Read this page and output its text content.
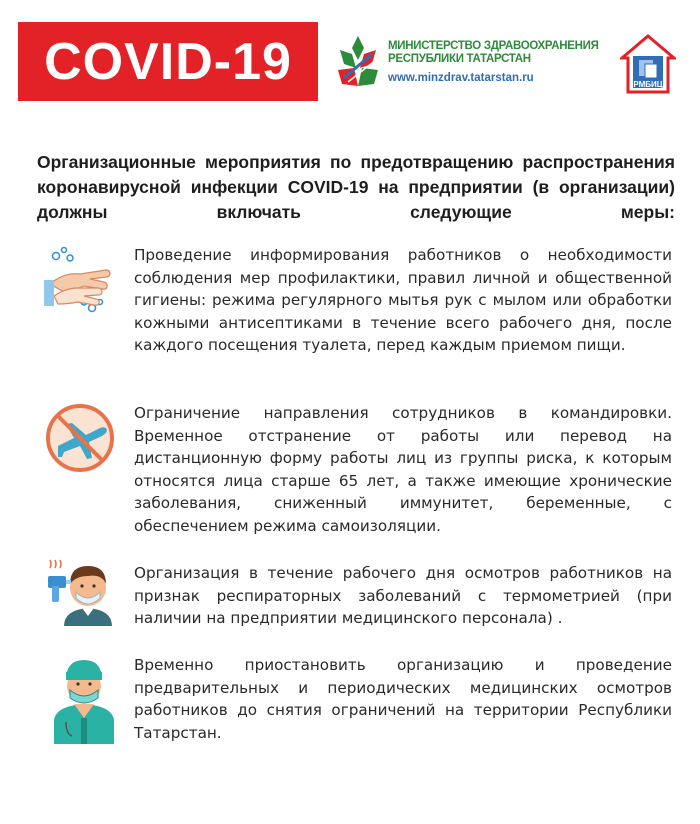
COVID-19	МИНИСТЕРСТВО ЗДРАВООХРАНЕНИЯ
РЕСПУБЛИКИ ТАТАРСТАН
www.minzdrav.tatarstan.ru
РМБИЦ
Организационные мероприятия по предотвращению распространения коронавирусной инфекции COVID-19 на предприятии (в организации) должны включать следующие меры:
Проведение информирования работников о необходимости соблюдения мер профилактики, правил личной и общественной гигиены: режима регулярного мытья рук с мылом или обработки кожными антисептиками в течение всего рабочего дня, после каждого посещения туалета, перед каждым приемом пищи.
Ограничение направления сотрудников в командировки. Временное отстранение от работы или перевод на дистанционную форму работы лиц из группы риска, к которым относятся лица старше 65 лет, а также имеющие хронические заболевания, сниженный иммунитет, беременные, с обеспечением режима самоизоляции.
Организация в течение рабочего дня осмотров работников на признак респираторных заболеваний с термометрией (при наличии на предприятии медицинского персонала) .
Временно приостановить организацию и проведение предварительных и периодических медицинских осмотров работников до снятия ограничений на территории Республики Татарстан.
